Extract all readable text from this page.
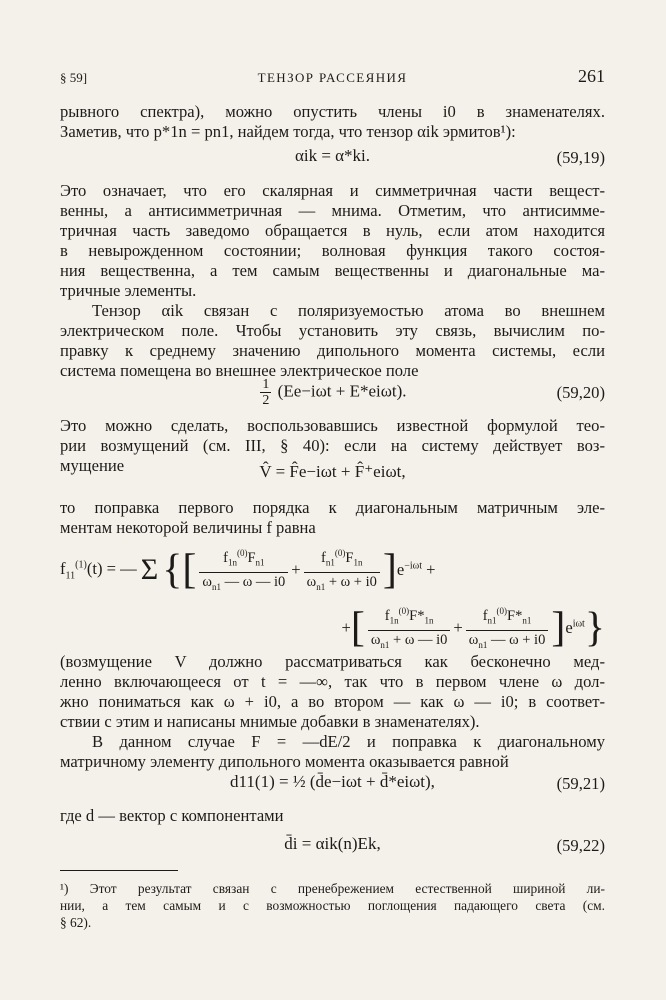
§ 59]	ТЕНЗОР РАССЕЯНИЯ	261
рывного спектра), можно опустить члены i0 в знаменателях.
Заметив, что p*1n = pn1, найдем тогда, что тензор αik эрмитов¹):
αik = α*ki.	(59,19)
Это означает, что его скалярная и симметричная части вещест-
венны, а антисимметричная — мнима. Отметим, что антисимме-
тричная часть заведомо обращается в нуль, если атом находится
в невырожденном состоянии; волновая функция такого состоя-
ния вещественна, а тем самым вещественны и диагональные ма-
тричные элементы.
Тензор αik связан с поляризуемостью атома во внешнем
электрическом поле. Чтобы установить эту связь, вычислим по-
правку к среднему значению дипольного момента системы, если
система помещена во внешнее электрическое поле
$\frac{1}{2} (Ee-i\omega t + E*ei\omega t)$.	(59,20)
Это можно сделать, воспользовавшись известной формулой тео-
рии возмущений (см. III, § 40): если на систему действует воз-
мущение	V̂ = F̂e−iωt + F̂⁺eiωt,
то поправка первого порядка к диагональным матричным эле-
ментам некоторой величины f равна
$f_{11}^{(1)}(t)$ = — Σ { [	$f_{1n}^{(0)}F_{n1}$
$\omega_{n1}$ — ω — i0
+ $\frac{f_{n1}^{(0)}F_{1n}}{\omega_{n1} + \omega + i0}$ ] $e^{-i\omega t}$ +
+ [	$f_{1n}^{(0)}F*_{1n}$
$\omega_{n1} + \omega$ — i0
+ $\frac{f_{n1}^{(0)}F*_{n1}}{\omega_{n1} — \omega + i0}$ ] $e^{i\omega t}$ }
(возмущение V должно рассматриваться как бесконечно мед-
ленно включающееся от t = —∞, так что в первом члене ω дол-
жно пониматься как ω + i0, а во втором — как ω — i0; в соответ-
ствии с этим и написаны мнимые добавки в знаменателях).
В данном случае F = —dE/2 и поправка к диагональному
матричному элементу дипольного момента оказывается равной
d11(1) = ½ (d̄e−iωt + d̄*eiωt),	(59,21)
где d — вектор с компонентами
d̄i = αik(n)Ek,	(59,22)
¹) Этот результат связан с пренебрежением естественной шириной ли-
нии, а тем самым и с возможностью поглощения падающего света (см.
§ 62).
